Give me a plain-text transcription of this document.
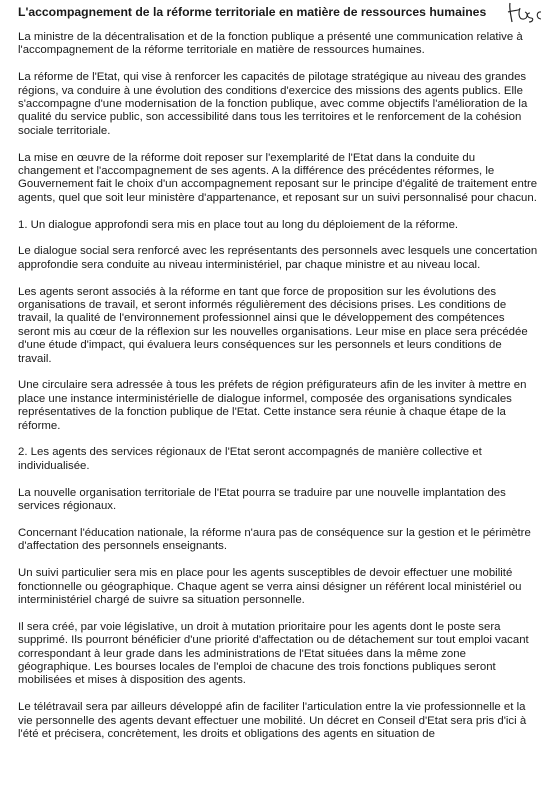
L'accompagnement de la réforme territoriale en matière de ressources humaines

La ministre de la décentralisation et de la fonction publique a présenté une communication relative à l'accompagnement de la réforme territoriale en matière de ressources humaines.

La réforme de l'Etat, qui vise à renforcer les capacités de pilotage stratégique au niveau des grandes régions, va conduire à une évolution des conditions d'exercice des missions des agents publics. Elle s'accompagne d'une modernisation de la fonction publique, avec comme objectifs l'amélioration de la qualité du service public, son accessibilité dans tous les territoires et le renforcement de la cohésion sociale territoriale.

La mise en œuvre de la réforme doit reposer sur l'exemplarité de l'Etat dans la conduite du changement et l'accompagnement de ses agents. A la différence des précédentes réformes, le Gouvernement fait le choix d'un accompagnement reposant sur le principe d'égalité de traitement entre agents, quel que soit leur ministère d'appartenance, et reposant sur un suivi personnalisé pour chacun.

1. Un dialogue approfondi sera mis en place tout au long du déploiement de la réforme.

Le dialogue social sera renforcé avec les représentants des personnels avec lesquels une concertation approfondie sera conduite au niveau interministériel, par chaque ministre et au niveau local.

Les agents seront associés à la réforme en tant que force de proposition sur les évolutions des organisations de travail, et seront informés régulièrement des décisions prises. Les conditions de travail, la qualité de l'environnement professionnel ainsi que le développement des compétences seront mis au cœur de la réflexion sur les nouvelles organisations. Leur mise en place sera précédée d'une étude d'impact, qui évaluera leurs conséquences sur les personnels et leurs conditions de travail.

Une circulaire sera adressée à tous les préfets de région préfigurateurs afin de les inviter à mettre en place une instance interministérielle de dialogue informel, composée des organisations syndicales représentatives de la fonction publique de l'Etat. Cette instance sera réunie à chaque étape de la réforme.

2. Les agents des services régionaux de l'Etat seront accompagnés de manière collective et individualisée.

La nouvelle organisation territoriale de l'Etat pourra se traduire par une nouvelle implantation des services régionaux.

Concernant l'éducation nationale, la réforme n'aura pas de conséquence sur la gestion et le périmètre d'affectation des personnels enseignants.

Un suivi particulier sera mis en place pour les agents susceptibles de devoir effectuer une mobilité fonctionnelle ou géographique. Chaque agent se verra ainsi désigner un référent local ministériel ou interministériel chargé de suivre sa situation personnelle.

Il sera créé, par voie législative, un droit à mutation prioritaire pour les agents dont le poste sera supprimé. Ils pourront bénéficier d'une priorité d'affectation ou de détachement sur tout emploi vacant correspondant à leur grade dans les administrations de l'Etat situées dans la même zone géographique. Les bourses locales de l'emploi de chacune des trois fonctions publiques seront mobilisées et mises à disposition des agents.

Le télétravail sera par ailleurs développé afin de faciliter l'articulation entre la vie professionnelle et la vie personnelle des agents devant effectuer une mobilité. Un décret en Conseil d'Etat sera pris d'ici à l'été et précisera, concrètement, les droits et obligations des agents en situation de
